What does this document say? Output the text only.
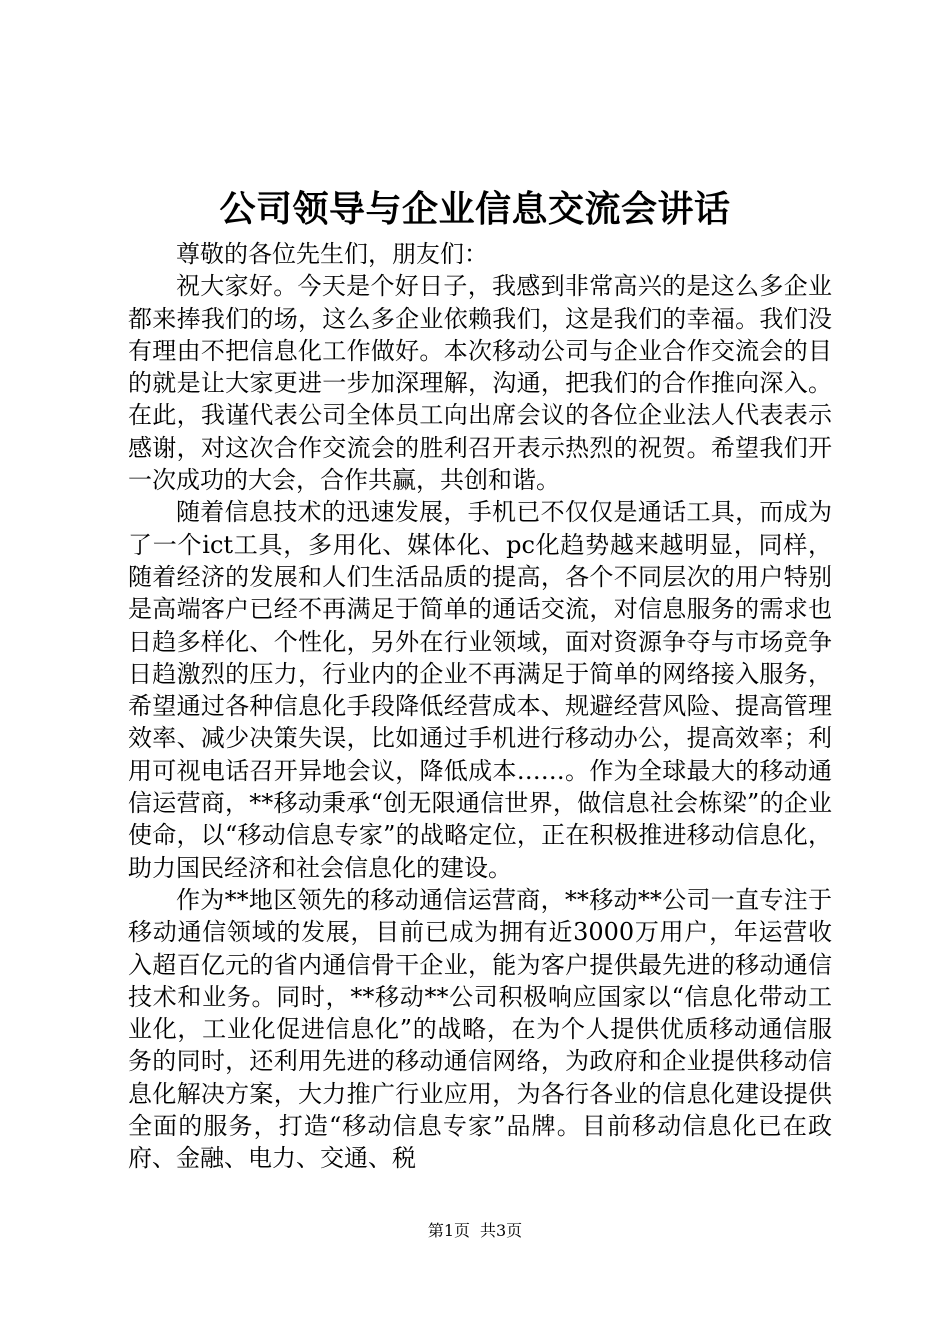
公司领导与企业信息交流会讲话

尊敬的各位先生们，朋友们：

祝大家好。今天是个好日子，我感到非常高兴的是这么多企业都来捧我们的场，这么多企业依赖我们，这是我们的幸福。我们没有理由不把信息化工作做好。本次移动公司与企业合作交流会的目的就是让大家更进一步加深理解，沟通，把我们的合作推向深入。在此，我谨代表公司全体员工向出席会议的各位企业法人代表表示感谢，对这次合作交流会的胜利召开表示热烈的祝贺。希望我们开一次成功的大会，合作共赢，共创和谐。

随着信息技术的迅速发展，手机已不仅仅是通话工具，而成为了一个ict工具，多用化、媒体化、pc化趋势越来越明显，同样，随着经济的发展和人们生活品质的提高，各个不同层次的用户特别是高端客户已经不再满足于简单的通话交流，对信息服务的需求也日趋多样化、个性化，另外在行业领域，面对资源争夺与市场竞争日趋激烈的压力，行业内的企业不再满足于简单的网络接入服务，希望通过各种信息化手段降低经营成本、规避经营风险、提高管理效率、减少决策失误，比如通过手机进行移动办公，提高效率；利用可视电话召开异地会议，降低成本……。作为全球最大的移动通信运营商，**移动秉承“创无限通信世界，做信息社会栋梁”的企业使命，以“移动信息专家”的战略定位，正在积极推进移动信息化，助力国民经济和社会信息化的建设。

作为**地区领先的移动通信运营商，**移动**公司一直专注于移动通信领域的发展，目前已成为拥有近3000万用户，年运营收入超百亿元的省内通信骨干企业，能为客户提供最先进的移动通信技术和业务。同时，**移动**公司积极响应国家以“信息化带动工业化，工业化促进信息化”的战略，在为个人提供优质移动通信服务的同时，还利用先进的移动通信网络，为政府和企业提供移动信息化解决方案，大力推广行业应用，为各行各业的信息化建设提供全面的服务，打造“移动信息专家”品牌。目前移动信息化已在政府、金融、电力、交通、税

第1页 共3页
